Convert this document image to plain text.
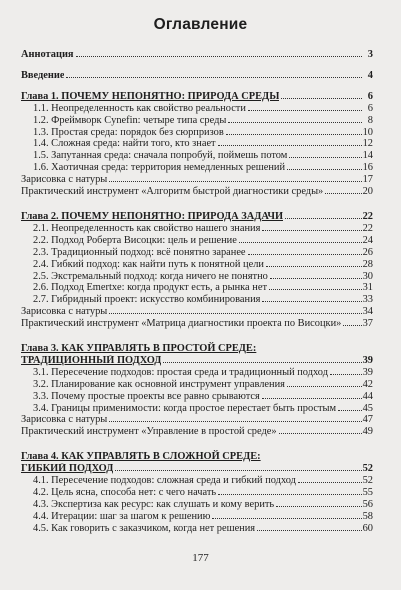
Оглавление
Аннотация	3
Введение	4
Глава 1. ПОЧЕМУ НЕПОНЯТНО: ПРИРОДА СРЕДЫ	6
1.1. Неопределенность как свойство реальности	6
1.2. Фреймворк Cynefin: четыре типа среды	8
1.3. Простая среда: порядок без сюрпризов	10
1.4. Сложная среда: найти того, кто знает	12
1.5. Запутанная среда: сначала попробуй, поймешь потом	14
1.6. Хаотичная среда: территория немедленных решений	16
Зарисовка с натуры	17
Практический инструмент «Алгоритм быстрой диагностики среды»	20
Глава 2. ПОЧЕМУ НЕПОНЯТНО: ПРИРОДА ЗАДАЧИ	22
2.1. Неопределенность как свойство нашего знания	22
2.2. Подход Роберта Висоцки: цель и решение	24
2.3. Традиционный подход: всё понятно заранее	26
2.4. Гибкий подход: как найти путь к понятной цели	28
2.5. Экстремальный подход: когда ничего не понятно	30
2.6. Подход Emertxe: когда продукт есть, а рынка нет	31
2.7. Гибридный проект: искусство комбинирования	33
Зарисовка с натуры	34
Практический инструмент «Матрица диагностики проекта по Висоцки» 37
Глава 3. КАК УПРАВЛЯТЬ В ПРОСТОЙ СРЕДЕ:
ТРАДИЦИОННЫЙ ПОДХОД	39
3.1. Пересечение подходов: простая среда и традиционный подход	39
3.2. Планирование как основной инструмент управления	42
3.3. Почему простые проекты все равно срываются	44
3.4. Границы применимости: когда простое перестает быть простым	45
Зарисовка с натуры	47
Практический инструмент «Управление в простой среде»	49
Глава 4. КАК УПРАВЛЯТЬ В СЛОЖНОЙ СРЕДЕ:
ГИБКИЙ ПОДХОД	52
4.1. Пересечение подходов: сложная среда и гибкий подход	52
4.2. Цель ясна, способа нет: с чего начать	55
4.3. Экспертиза как ресурс: как слушать и кому верить	56
4.4. Итерации: шаг за шагом к решению	58
4.5. Как говорить с заказчиком, когда нет решения	60
177
